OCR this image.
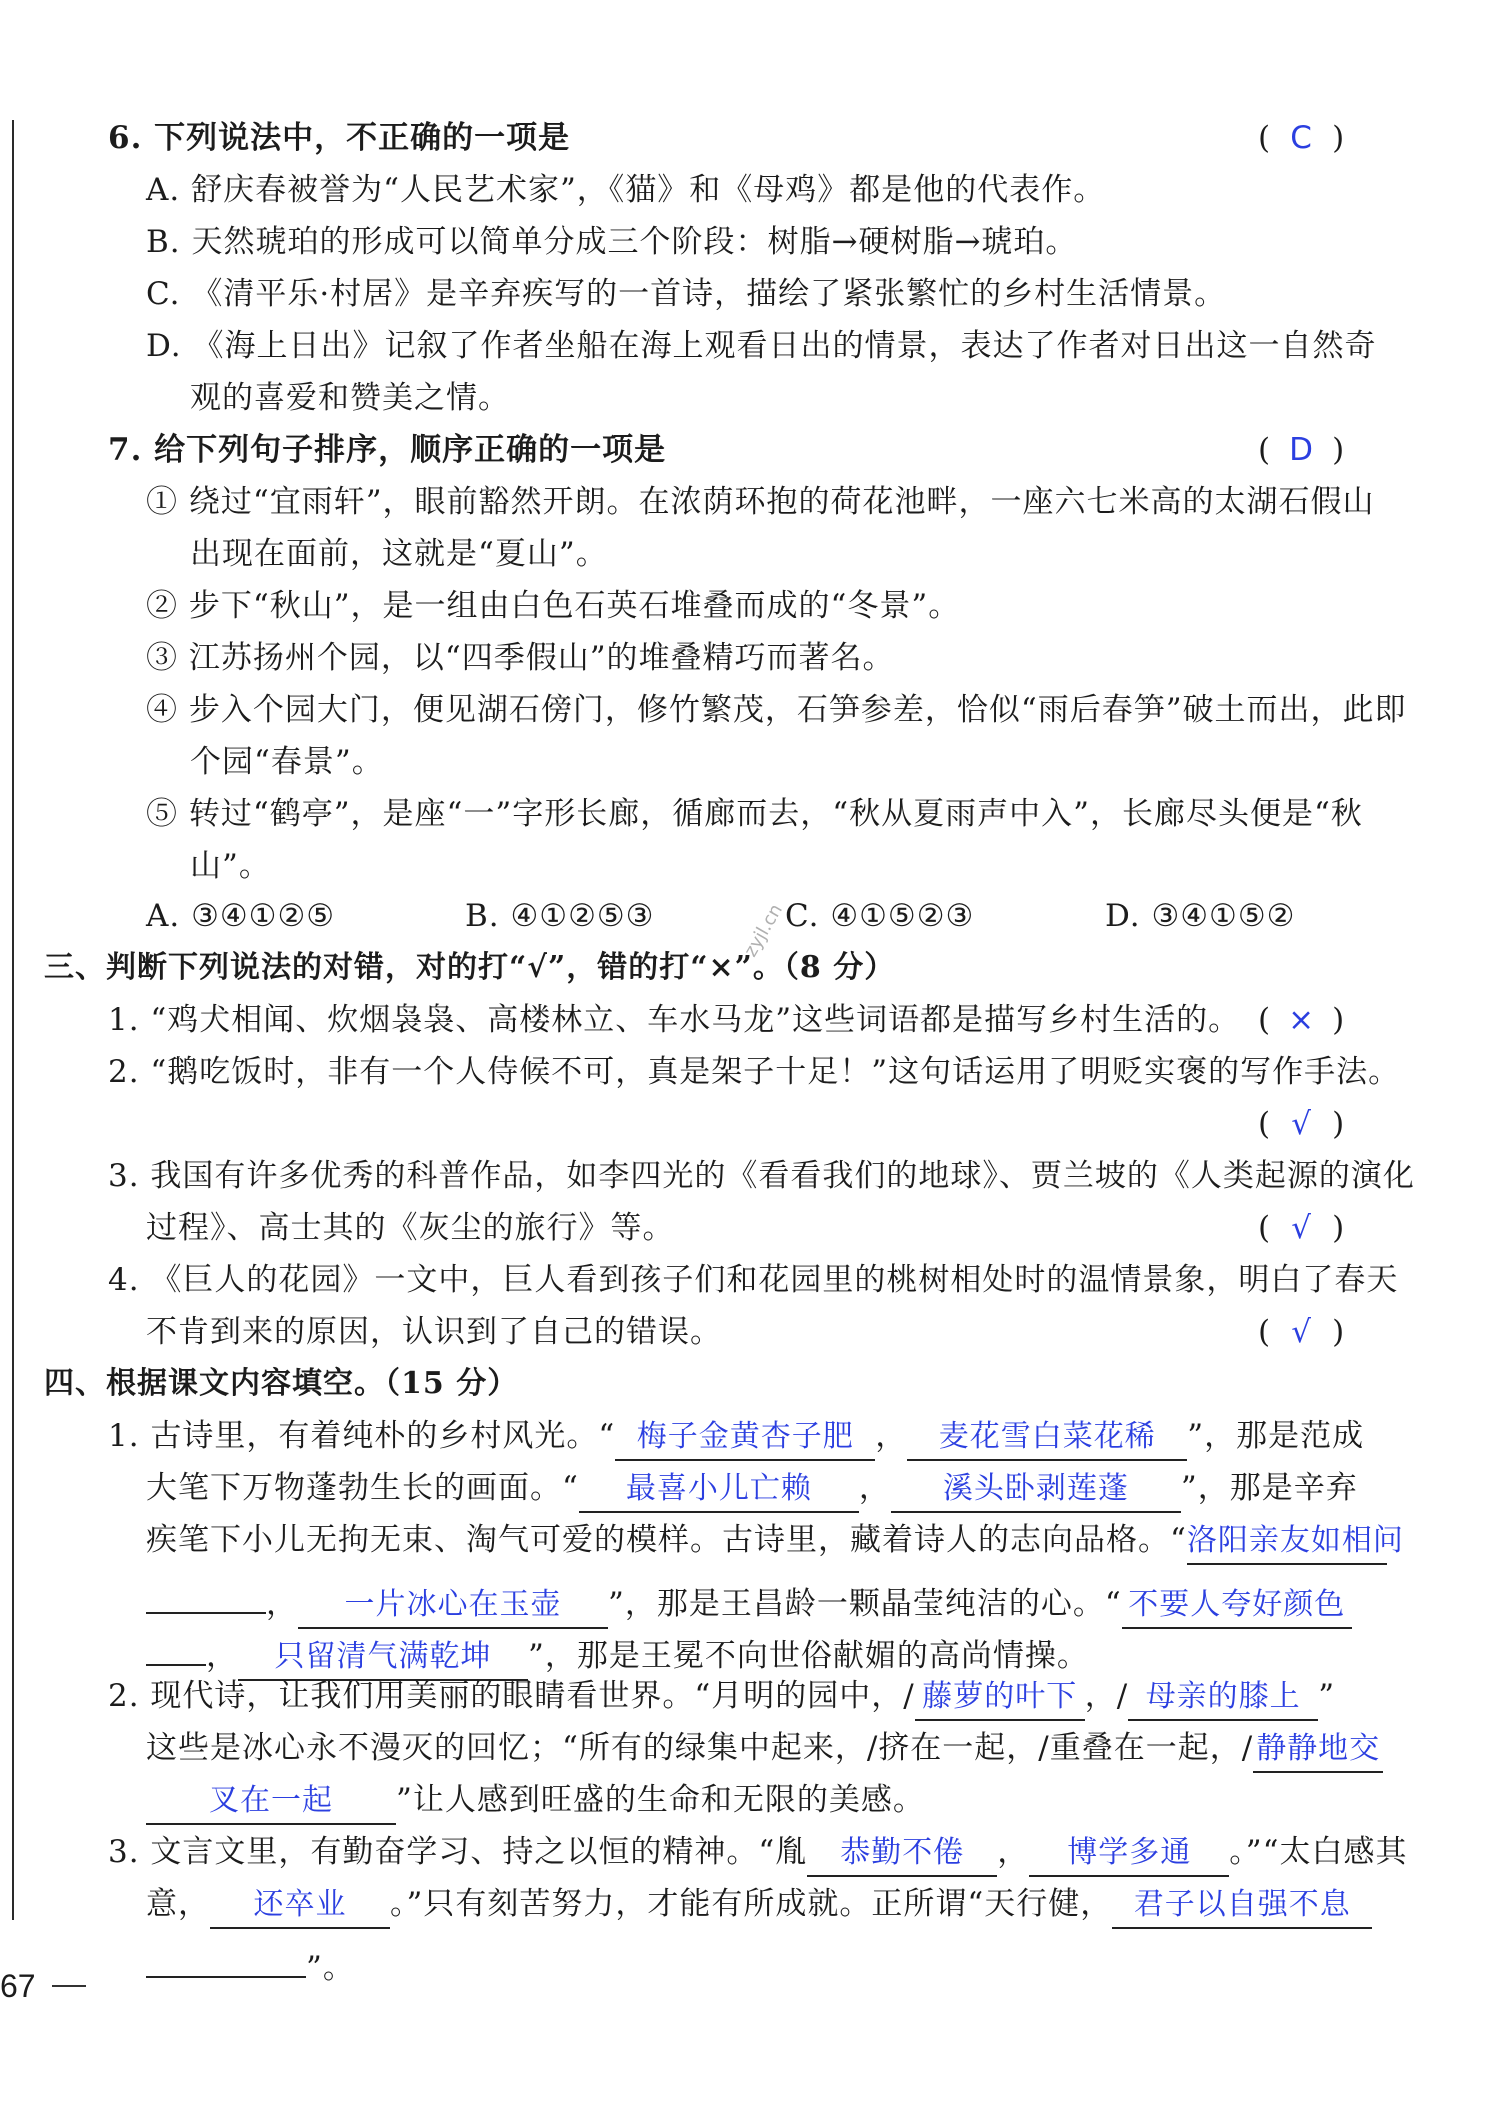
6. 下列说法中，不正确的一项是	( C )
A. 舒庆春被誉为“人民艺术家”，《猫》和《母鸡》都是他的代表作。
B. 天然琥珀的形成可以简单分成三个阶段：树脂→硬树脂→琥珀。
C. 《清平乐·村居》是辛弃疾写的一首诗，描绘了紧张繁忙的乡村生活情景。
D. 《海上日出》记叙了作者坐船在海上观看日出的情景，表达了作者对日出这一自然奇
观的喜爱和赞美之情。
7. 给下列句子排序，顺序正确的一项是	( D )
① 绕过“宜雨轩”，眼前豁然开朗。在浓荫环抱的荷花池畔，一座六七米高的太湖石假山
出现在面前，这就是“夏山”。
② 步下“秋山”，是一组由白色石英石堆叠而成的“冬景”。
③ 江苏扬州个园，以“四季假山”的堆叠精巧而著名。
④ 步入个园大门，便见湖石傍门，修竹繁茂，石笋参差，恰似“雨后春笋”破土而出，此即
个园“春景”。
⑤ 转过“鹤亭”，是座“一”字形长廊，循廊而去，“秋从夏雨声中入”，长廊尽头便是“秋
山”。
A. ③④①②⑤	B. ④①②⑤③	C. ④①⑤②③	D. ③④①⑤②
zyjl.cn
三、判断下列说法的对错，对的打“√”，错的打“×”。（8 分）
1. “鸡犬相闻、炊烟袅袅、高楼林立、车水马龙”这些词语都是描写乡村生活的。 ( × )
2. “鹅吃饭时，非有一个人侍候不可，真是架子十足！”这句话运用了明贬实褒的写作手法。
( √ )
3. 我国有许多优秀的科普作品，如李四光的《看看我们的地球》、贾兰坡的《人类起源的演化
过程》、高士其的《灰尘的旅行》等。	( √ )
4. 《巨人的花园》一文中，巨人看到孩子们和花园里的桃树相处时的温情景象，明白了春天
不肯到来的原因，认识到了自己的错误。	( √ )
四、根据课文内容填空。（15 分）
1. 古诗里，有着纯朴的乡村风光。“ 梅子金黄杏子肥 ， 麦花雪白菜花稀 ”，那是范成
大笔下万物蓬勃生长的画面。“ 最喜小儿亡赖 ， 溪头卧剥莲蓬 ”，那是辛弃
疾笔下小儿无拘无束、淘气可爱的模样。古诗里，藏着诗人的志向品格。“洛阳亲友如相问
， 一片冰心在玉壶 ”，那是王昌龄一颗晶莹纯洁的心。“ 不要人夸好颜色
， 只留清气满乾坤 ”，那是王冕不向世俗献媚的高尚情操。
2. 现代诗，让我们用美丽的眼睛看世界。“月明的园中，/ 藤萝的叶下 ，/ 母亲的膝上 ”
这些是冰心永不漫灭的回忆；“所有的绿集中起来，/挤在一起，/重叠在一起，/ 静静地交
叉在一起 ”让人感到旺盛的生命和无限的美感。
3. 文言文里，有勤奋学习、持之以恒的精神。“胤 恭勤不倦 ， 博学多通 。”“太白感其
意， 还卒业 。”只有刻苦努力，才能有所成就。正所谓“天行健， 君子以自强不息
”。
67
